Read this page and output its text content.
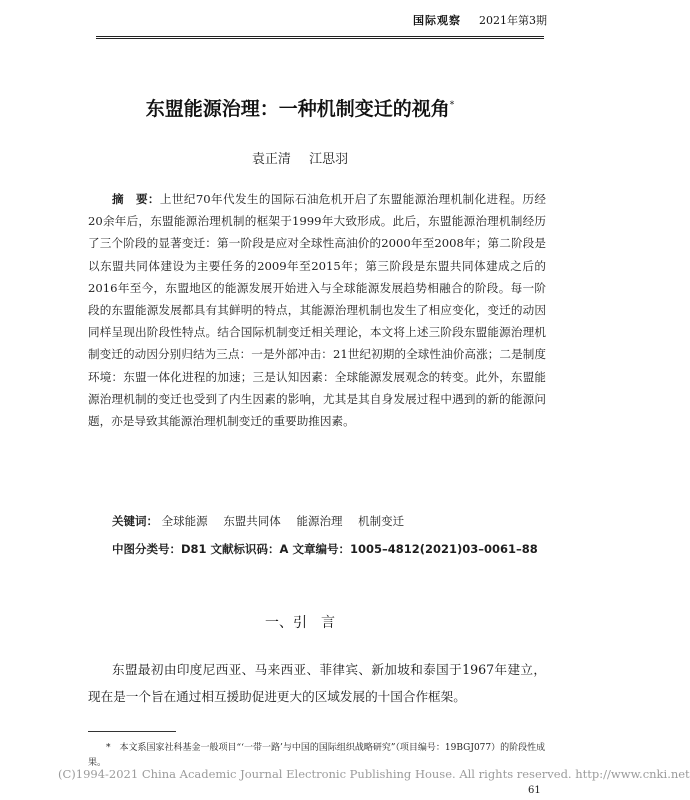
国际观察 2021年第3期
东盟能源治理：一种机制变迁的视角*
袁正清 江思羽
摘　要：上世纪70年代发生的国际石油危机开启了东盟能源治理机制化进程。历经20余年后，东盟能源治理机制的框架于1999年大致形成。此后，东盟能源治理机制经历了三个阶段的显著变迁：第一阶段是应对全球性高油价的2000年至2008年；第二阶段是以东盟共同体建设为主要任务的2009年至2015年；第三阶段是东盟共同体建成之后的2016年至今，东盟地区的能源发展开始进入与全球能源发展趋势相融合的阶段。每一阶段的东盟能源发展都具有其鲜明的特点，其能源治理机制也发生了相应变化，变迁的动因同样呈现出阶段性特点。结合国际机制变迁相关理论，本文将上述三阶段东盟能源治理机制变迁的动因分别归结为三点：一是外部冲击：21世纪初期的全球性油价高涨；二是制度环境：东盟一体化进程的加速；三是认知因素：全球能源发展观念的转变。此外，东盟能源治理机制的变迁也受到了内生因素的影响，尤其是其自身发展过程中遇到的新的能源问题，亦是导致其能源治理机制变迁的重要助推因素。
关键词： 全球能源 东盟共同体 能源治理 机制变迁
中图分类号：D81 文献标识码：A 文章编号：1005–4812(2021)03–0061–88
一、引　言
东盟最初由印度尼西亚、马来西亚、菲律宾、新加坡和泰国于1967年建立，现在是一个旨在通过相互援助促进更大的区域发展的十国合作框架。
*　本文系国家社科基金一般项目“‘一带一路’与中国的国际组织战略研究”（项目编号：19BGJ077）的阶段性成果。
(C)1994-2021 China Academic Journal Electronic Publishing House. All rights reserved. http://www.cnki.net
61
